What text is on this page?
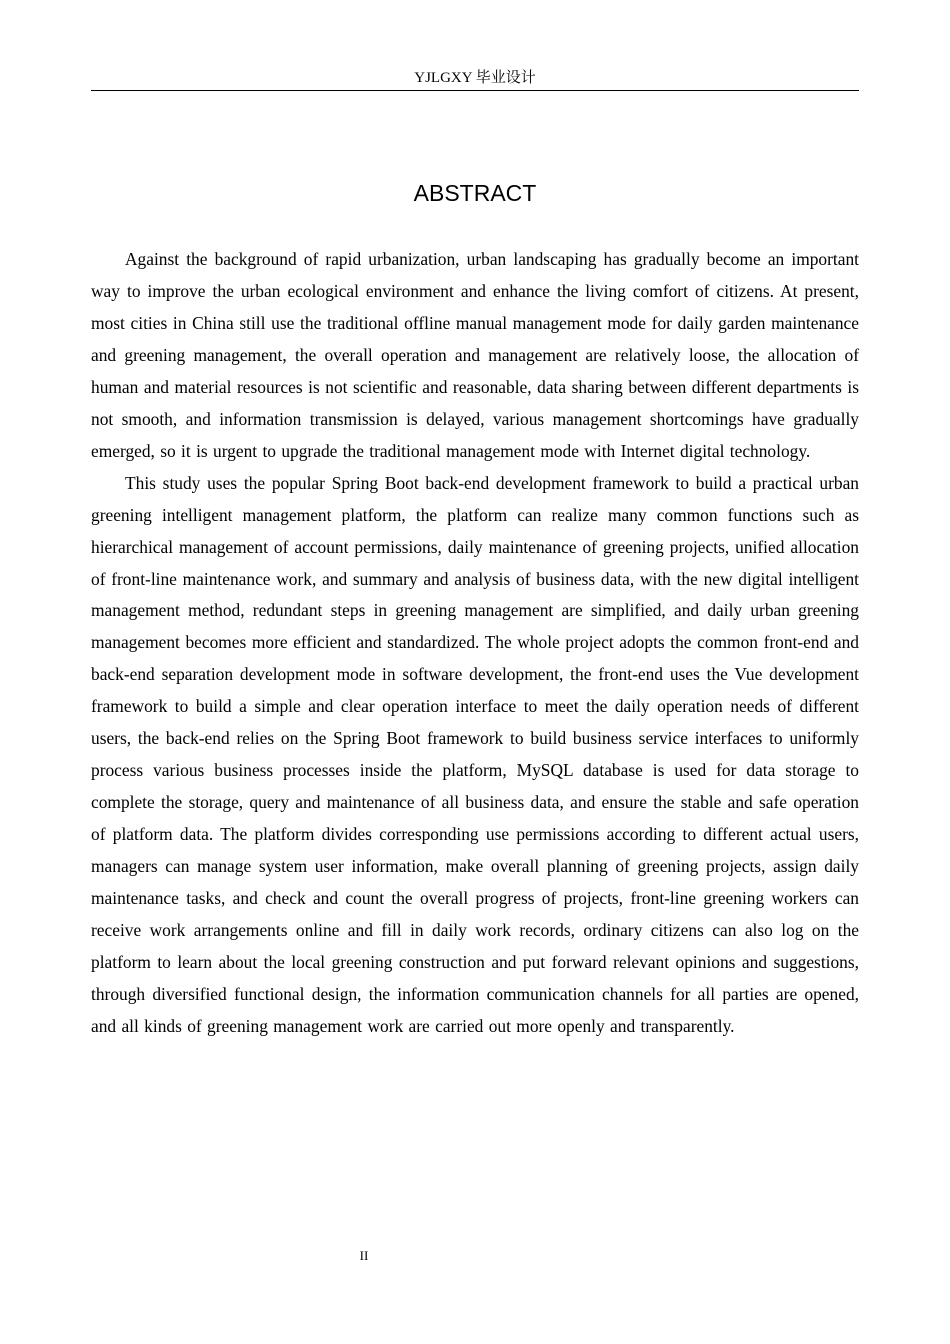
YJLGXY 毕业设计
ABSTRACT

Against the background of rapid urbanization, urban landscaping has gradually become an important way to improve the urban ecological environment and enhance the living comfort of citizens. At present, most cities in China still use the traditional offline manual management mode for daily garden maintenance and greening management, the overall operation and management are relatively loose, the allocation of human and material resources is not scientific and reasonable, data sharing between different departments is not smooth, and information transmission is delayed, various management shortcomings have gradually emerged, so it is urgent to upgrade the traditional management mode with Internet digital technology.

This study uses the popular Spring Boot back-end development framework to build a practical urban greening intelligent management platform, the platform can realize many common functions such as hierarchical management of account permissions, daily maintenance of greening projects, unified allocation of front-line maintenance work, and summary and analysis of business data, with the new digital intelligent management method, redundant steps in greening management are simplified, and daily urban greening management becomes more efficient and standardized. The whole project adopts the common front-end and back-end separation development mode in software development, the front-end uses the Vue development framework to build a simple and clear operation interface to meet the daily operation needs of different users, the back-end relies on the Spring Boot framework to build business service interfaces to uniformly process various business processes inside the platform, MySQL database is used for data storage to complete the storage, query and maintenance of all business data, and ensure the stable and safe operation of platform data. The platform divides corresponding use permissions according to different actual users, managers can manage system user information, make overall planning of greening projects, assign daily maintenance tasks, and check and count the overall progress of projects, front-line greening workers can receive work arrangements online and fill in daily work records, ordinary citizens can also log on the platform to learn about the local greening construction and put forward relevant opinions and suggestions, through diversified functional design, the information communication channels for all parties are opened, and all kinds of greening management work are carried out more openly and transparently.

II
